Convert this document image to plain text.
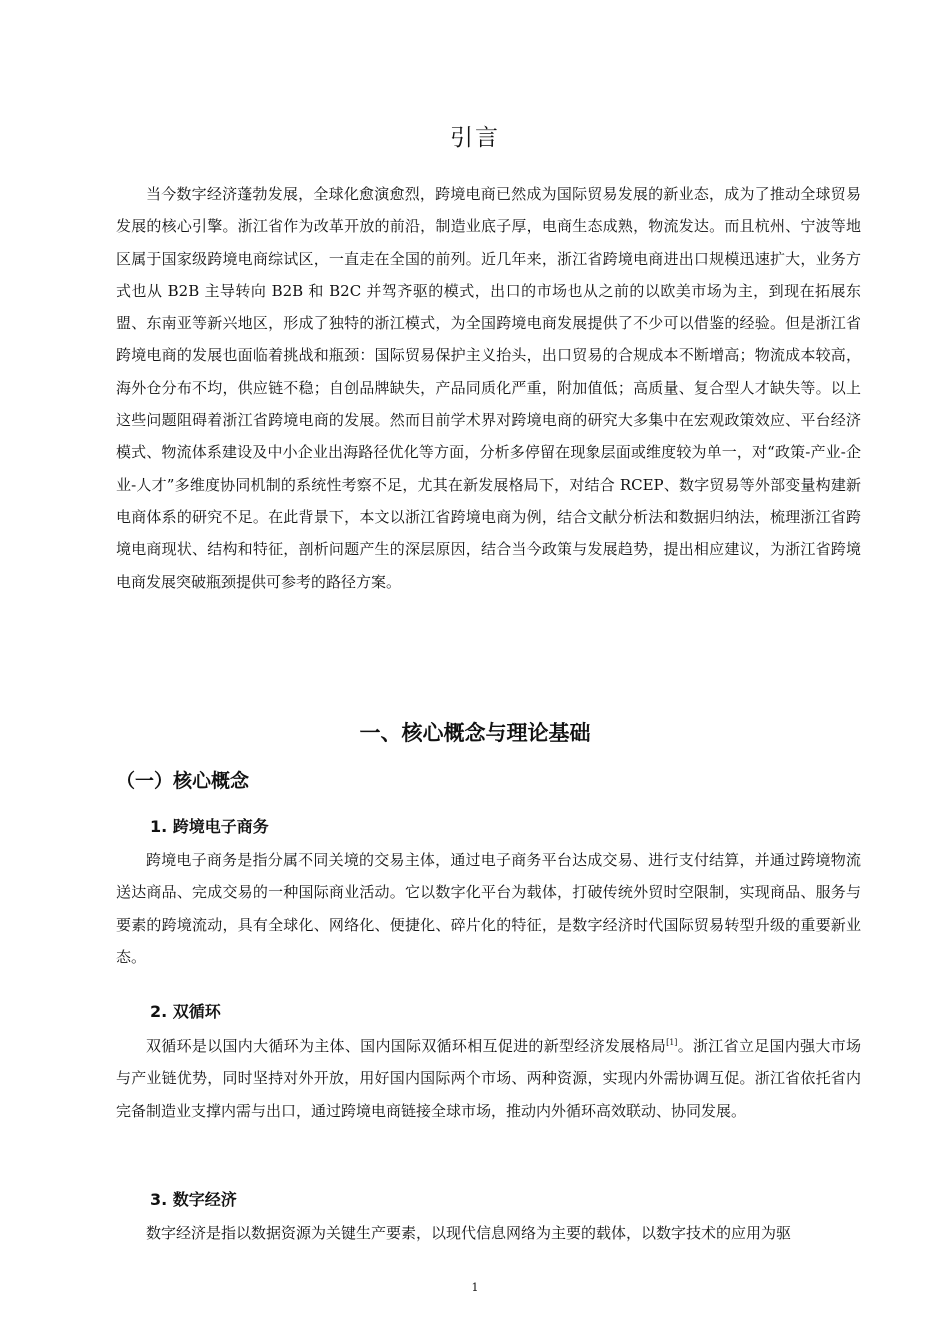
引言

当今数字经济蓬勃发展，全球化愈演愈烈，跨境电商已然成为国际贸易发展的新业态，成为了推动全球贸易发展的核心引擎。浙江省作为改革开放的前沿，制造业底子厚，电商生态成熟，物流发达。而且杭州、宁波等地区属于国家级跨境电商综试区，一直走在全国的前列。近几年来，浙江省跨境电商进出口规模迅速扩大，业务方式也从 B2B 主导转向 B2B 和 B2C 并驾齐驱的模式，出口的市场也从之前的以欧美市场为主，到现在拓展东盟、东南亚等新兴地区，形成了独特的浙江模式，为全国跨境电商发展提供了不少可以借鉴的经验。但是浙江省跨境电商的发展也面临着挑战和瓶颈：国际贸易保护主义抬头，出口贸易的合规成本不断增高；物流成本较高，海外仓分布不均，供应链不稳；自创品牌缺失，产品同质化严重，附加值低；高质量、复合型人才缺失等。以上这些问题阻碍着浙江省跨境电商的发展。然而目前学术界对跨境电商的研究大多集中在宏观政策效应、平台经济模式、物流体系建设及中小企业出海路径优化等方面，分析多停留在现象层面或维度较为单一，对“政策-产业-企业-人才”多维度协同机制的系统性考察不足，尤其在新发展格局下，对结合 RCEP、数字贸易等外部变量构建新电商体系的研究不足。在此背景下，本文以浙江省跨境电商为例，结合文献分析法和数据归纳法，梳理浙江省跨境电商现状、结构和特征，剖析问题产生的深层原因，结合当今政策与发展趋势，提出相应建议，为浙江省跨境电商发展突破瓶颈提供可参考的路径方案。

一、核心概念与理论基础
（一）核心概念
1. 跨境电子商务

跨境电子商务是指分属不同关境的交易主体，通过电子商务平台达成交易、进行支付结算，并通过跨境物流送达商品、完成交易的一种国际商业活动。它以数字化平台为载体，打破传统外贸时空限制，实现商品、服务与要素的跨境流动，具有全球化、网络化、便捷化、碎片化的特征，是数字经济时代国际贸易转型升级的重要新业态。

2. 双循环

双循环是以国内大循环为主体、国内国际双循环相互促进的新型经济发展格局[1]。浙江省立足国内强大市场与产业链优势，同时坚持对外开放，用好国内国际两个市场、两种资源，实现内外需协调互促。浙江省依托省内完备制造业支撑内需与出口，通过跨境电商链接全球市场，推动内外循环高效联动、协同发展。

3. 数字经济

数字经济是指以数据资源为关键生产要素，以现代信息网络为主要的载体，以数字技术的应用为驱

1
